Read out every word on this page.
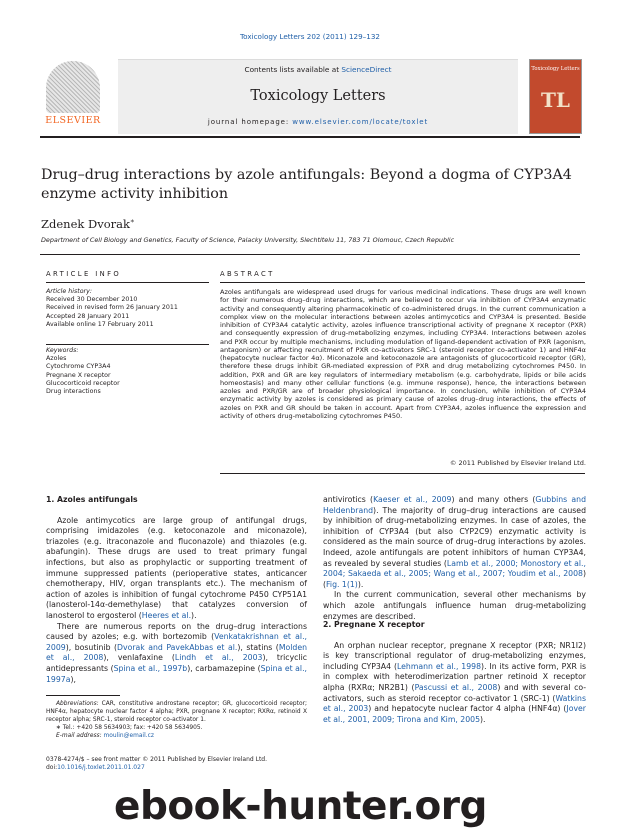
Toxicology Letters 202 (2011) 129–132
ELSEVIER
Contents lists available at ScienceDirect
Toxicology Letters
journal homepage: www.elsevier.com/locate/toxlet
Toxicology Letters
TL
Drug–drug interactions by azole antifungals: Beyond a dogma of CYP3A4 enzyme activity inhibition
Zdenek Dvorak∗
Department of Cell Biology and Genetics, Faculty of Science, Palacky University, Slechtitelu 11, 783 71 Olomouc, Czech Republic
ARTICLE INFO	ABSTRACT
Article history:
Received 30 December 2010
Received in revised form 26 January 2011
Accepted 28 January 2011
Available online 17 February 2011
Keywords:
Azoles
Cytochrome CYP3A4
Pregnane X receptor
Glucocorticoid receptor
Drug interactions
Azoles antifungals are widespread used drugs for various medicinal indications. These drugs are well known for their numerous drug–drug interactions, which are believed to occur via inhibition of CYP3A4 enzymatic activity and consequently altering pharmacokinetic of co-administered drugs. In the current communication a complex view on the molecular interactions between azoles antimycotics and CYP3A4 is presented. Beside inhibition of CYP3A4 catalytic activity, azoles influence transcriptional activity of pregnane X receptor (PXR) and consequently expression of drug-metabolizing enzymes, including CYP3A4. Interactions between azoles and PXR occur by multiple mechanisms, including modulation of ligand-dependent activation of PXR (agonism, antagonism) or affecting recruitment of PXR co-activators SRC-1 (steroid receptor co-activator 1) and HNF4α (hepatocyte nuclear factor 4α). Miconazole and ketoconazole are antagonists of glucocorticoid receptor (GR), therefore these drugs inhibit GR-mediated expression of PXR and drug metabolizing cytochromes P450. In addition, PXR and GR are key regulators of intermediary metabolism (e.g. carbohydrate, lipids or bile acids homeostasis) and many other cellular functions (e.g. immune response), hence, the interactions between azoles and PXR/GR are of broader physiological importance. In conclusion, while inhibition of CYP3A4 enzymatic activity by azoles is considered as primary cause of azoles drug–drug interactions, the effects of azoles on PXR and GR should be taken in account. Apart from CYP3A4, azoles influence the expression and activity of others drug-metabolizing cytochromes P450.
© 2011 Published by Elsevier Ireland Ltd.
1. Azoles antifungals

Azole antimycotics are large group of antifungal drugs, comprising imidazoles (e.g. ketoconazole and miconazole), triazoles (e.g. itraconazole and fluconazole) and thiazoles (e.g. abafungin). These drugs are used to treat primary fungal infections, but also as prophylactic or supporting treatment of immune suppressed patients (perioperative states, anticancer chemotherapy, HIV, organ transplants etc.). The mechanism of action of azoles is inhibition of fungal cytochrome P450 CYP51A1 (lanosterol-14α-demethylase) that catalyzes conversion of lanosterol to ergosterol (Heeres et al.).

There are numerous reports on the drug–drug interactions caused by azoles; e.g. with bortezomib (Venkatakrishnan et al., 2009), bosutinib (Dvorak and PavekAbbas et al.), statins (Molden et al., 2008), venlafaxine (Lindh et al., 2003), tricyclic antidepressants (Spina et al., 1997b), carbamazepine (Spina et al., 1997a),

antivirotics (Kaeser et al., 2009) and many others (Gubbins and Heldenbrand). The majority of drug–drug interactions are caused by inhibition of drug-metabolizing enzymes. In case of azoles, the inhibition of CYP3A4 (but also CYP2C9) enzymatic activity is considered as the main source of drug–drug interactions by azoles. Indeed, azole antifungals are potent inhibitors of human CYP3A4, as revealed by several studies (Lamb et al., 2000; Monostory et al., 2004; Sakaeda et al., 2005; Wang et al., 2007; Youdim et al., 2008) (Fig. 1(1)).

In the current communication, several other mechanisms by which azole antifungals influence human drug-metabolizing enzymes are described.

2. Pregnane X receptor

An orphan nuclear receptor, pregnane X receptor (PXR; NR1I2) is key transcriptional regulator of drug-metabolizing enzymes, including CYP3A4 (Lehmann et al., 1998). In its active form, PXR is in complex with heterodimerization partner retinoid X receptor alpha (RXRα; NR2B1) (Pascussi et al., 2008) and with several co-activators, such as steroid receptor co-activator 1 (SRC-1) (Watkins et al., 2003) and hepatocyte nuclear factor 4 alpha (HNF4α) (Jover et al., 2001, 2009; Tirona and Kim, 2005).

Abbreviations: CAR, constitutive androstane receptor; GR, glucocorticoid receptor; HNF4α, hepatocyte nuclear factor 4 alpha; PXR, pregnane X receptor; RXRα, retinoid X receptor alpha; SRC-1, steroid receptor co-activator 1.

∗ Tel.: +420 58 5634903; fax: +420 58 5634905.

E-mail address: moulin@email.cz

0378-4274/$ – see front matter © 2011 Published by Elsevier Ireland Ltd.
doi:10.1016/j.toxlet.2011.01.027
ebook-hunter.org
